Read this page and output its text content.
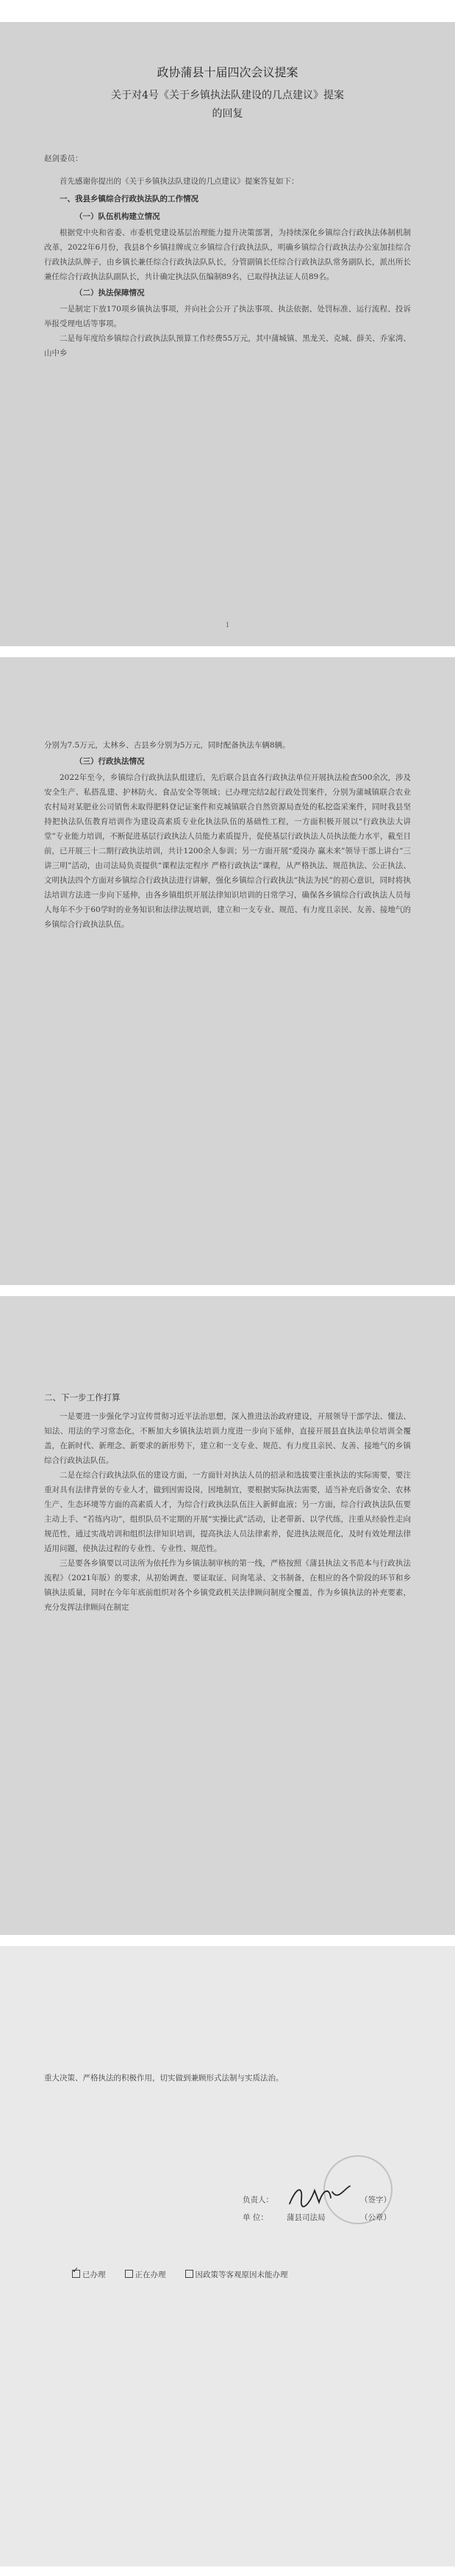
政协蒲县十届四次会议提案

关于对4号《关于乡镇执法队建设的几点建议》提案

的回复

赵剑委员：

首先感谢你提出的《关于乡镇执法队建设的几点建议》提案答复如下：

一、我县乡镇综合行政执法队的工作情况

（一）队伍机构建立情况

根据党中央和省委、市委机党建设基层治理能力提升决策部署，为持续深化乡镇综合行政执法体制机制改革，2022年6月份，我县8个乡镇挂牌成立乡镇综合行政执法队，明确乡镇综合行政执法办公室加挂综合行政执法队牌子，由乡镇长兼任综合行政执法队队长，分管副镇长任综合行政执法队常务副队长，派出所长兼任综合行政执法队副队长，共计确定执法队伍编制89名，已取得执法证人员89名。

（二）执法保障情况

一是制定下放170项乡镇执法事项，并向社会公开了执法事项、执法依据、处罚标准、运行流程、投诉举报受理电话等事项。

二是每年度给乡镇综合行政执法队预算工作经费55万元，其中蒲城镇、黑龙关、克城、薛关、乔家湾、山中乡

1

分别为7.5万元，太林乡、古县乡分别为5万元，同时配备执法车辆8辆。

（三）行政执法情况

2022年至今，乡镇综合行政执法队组建后，先后联合县直各行政执法单位开展执法检查500余次，涉及安全生产、私搭乱建、护林防火、食品安全等领域；已办理完结2起行政处罚案件，分别为蒲城镇联合农业农村局对某肥业公司销售未取得肥料登记证案件和克城镇联合自然资源局查处的私挖盗采案件，同时我县坚持把执法队伍教育培训作为建设高素质专业化执法队伍的基础性工程，一方面积极开展以“行政执法大讲堂”专业能力培训，不断促进基层行政执法人员能力素质提升，促使基层行政执法人员执法能力水平，截至目前，已开展三十二期行政执法培训，共计1200余人参训；另一方面开展“爱岗办 赢未来”领导干部上讲台“三讲三明”活动，由司法局负责提供“课程法定程序 严格行政执法”课程，从严格执法、规范执法、公正执法、文明执法四个方面对乡镇综合行政执法进行讲解，强化乡镇综合行政执法“执法为民”的初心意识，同时将执法培训方法进一步向下延伸，由各乡镇组织开展法律知识培训的日常学习，确保各乡镇综合行政执法人员每人每年不少于60学时的业务知识和法律法规培训，建立和一支专业、规范、有力度且亲民、友善、接地气的乡镇综合行政执法队伍。

二、下一步工作打算

一是要进一步强化学习宣传贯彻习近平法治思想，深入推进法治政府建设，开展领导干部学法、懂法、知法、用法的学习常态化，不断加大乡镇执法培训力度进一步向下延伸，直接开展县直执法单位培训全覆盖，在新时代、新理念、新要求的新形势下，建立和一支专业、规范、有力度且亲民、友善、接地气的乡镇综合行政执法队伍。

二是在综合行政执法队伍的建设方面，一方面针对执法人员的招录和选拔要注重执法的实际需要，要注重对具有法律背景的专业人才，做到因需设岗，因地制宜，要根据实际执法需要，适当补充后备安全、农林生产、生态环境等方面的高素质人才，为综合行政执法队伍注入新鲜血液；另一方面，综合行政执法队伍要主动上手、“若练内功”，组织队员不定期的开展“实操比武”活动，让老带新、以学代练，注重从经验性走向规范性，通过实战培训和组织法律知识培训，提高执法人员法律素养，促进执法规范化，及时有效处理法律适用问题，使执法过程的专业性、专业性、规范性。

三是要各乡镇要以司法所为依托作为乡镇法制审核的第一线，严格按照《蒲县执法文书范本与行政执法流程》（2021年版）的要求，从初始调查、要证取证、问询笔录、文书制备，在相应的各个阶段的环节和乡镇执法质量，同时在今年年底前组织对各个乡镇党政机关法律顾问制度全覆盖，作为乡镇执法的补充要素，充分发挥法律顾问在制定

重大决策、严格执法的积极作用，切实做到兼顾形式法制与实质法治。

负责人：	（签字）
单 位： 蒲县司法局	（公章）
✓已办理	正在办理	因政策等客观原因未能办理
